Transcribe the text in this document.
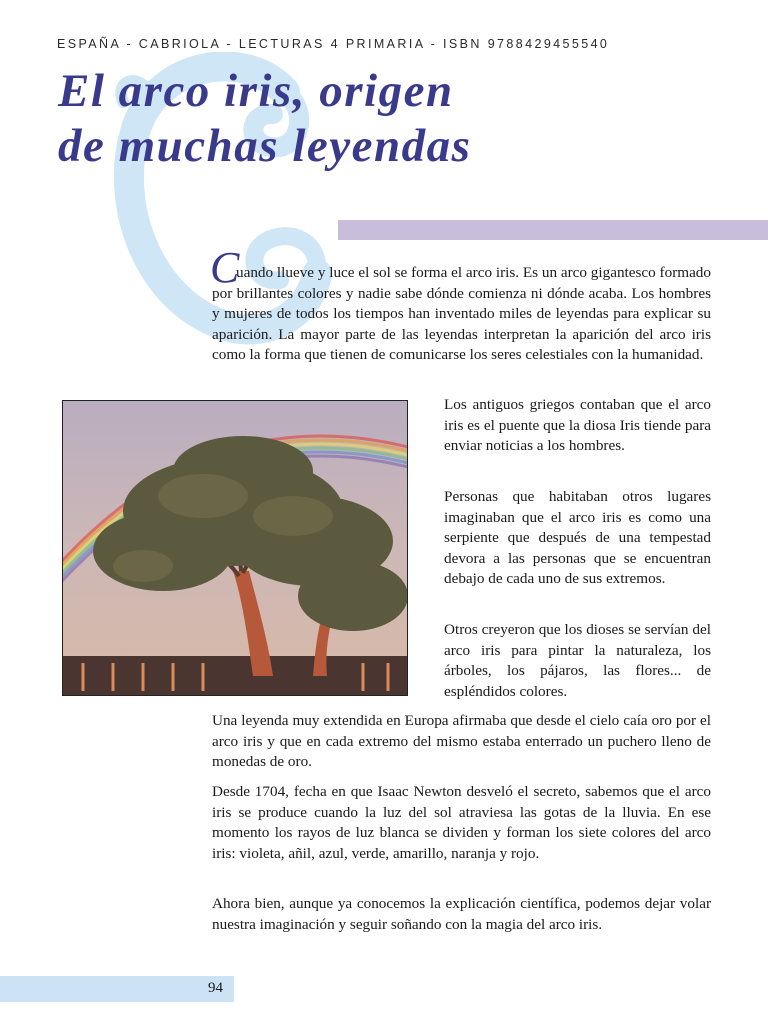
ESPAÑA - CABRIOLA - LECTURAS 4 PRIMARIA - ISBN 9788429455540
El arco iris, origen
de muchas leyendas
C

uando llueve y luce el sol se forma el arco iris. Es un arco gigantesco formado por brillantes colores y nadie sabe dónde comienza ni dónde acaba. Los hombres y mujeres de todos los tiempos han inventado miles de leyendas para explicar su aparición. La mayor parte de las leyendas interpretan la aparición del arco iris como la forma que tienen de comunicarse los seres celestiales con la humanidad.

Los antiguos griegos contaban que el arco iris es el puente que la diosa Iris tiende para enviar noticias a los hombres.

Personas que habitaban otros lugares imaginaban que el arco iris es como una serpiente que después de una tempestad devora a las personas que se encuentran debajo de cada uno de sus extremos.

Otros creyeron que los dioses se servían del arco iris para pintar la naturaleza, los árboles, los pájaros, las flores... de espléndidos colores.

Una leyenda muy extendida en Europa afirmaba que desde el cielo caía oro por el arco iris y que en cada extremo del mismo estaba enterrado un puchero lleno de monedas de oro.

Desde 1704, fecha en que Isaac Newton desveló el secreto, sabemos que el arco iris se produce cuando la luz del sol atraviesa las gotas de la lluvia. En ese momento los rayos de luz blanca se dividen y forman los siete colores del arco iris: violeta, añil, azul, verde, amarillo, naranja y rojo.

Ahora bien, aunque ya conocemos la explicación científica, podemos dejar volar nuestra imaginación y seguir soñando con la magia del arco iris.

94
